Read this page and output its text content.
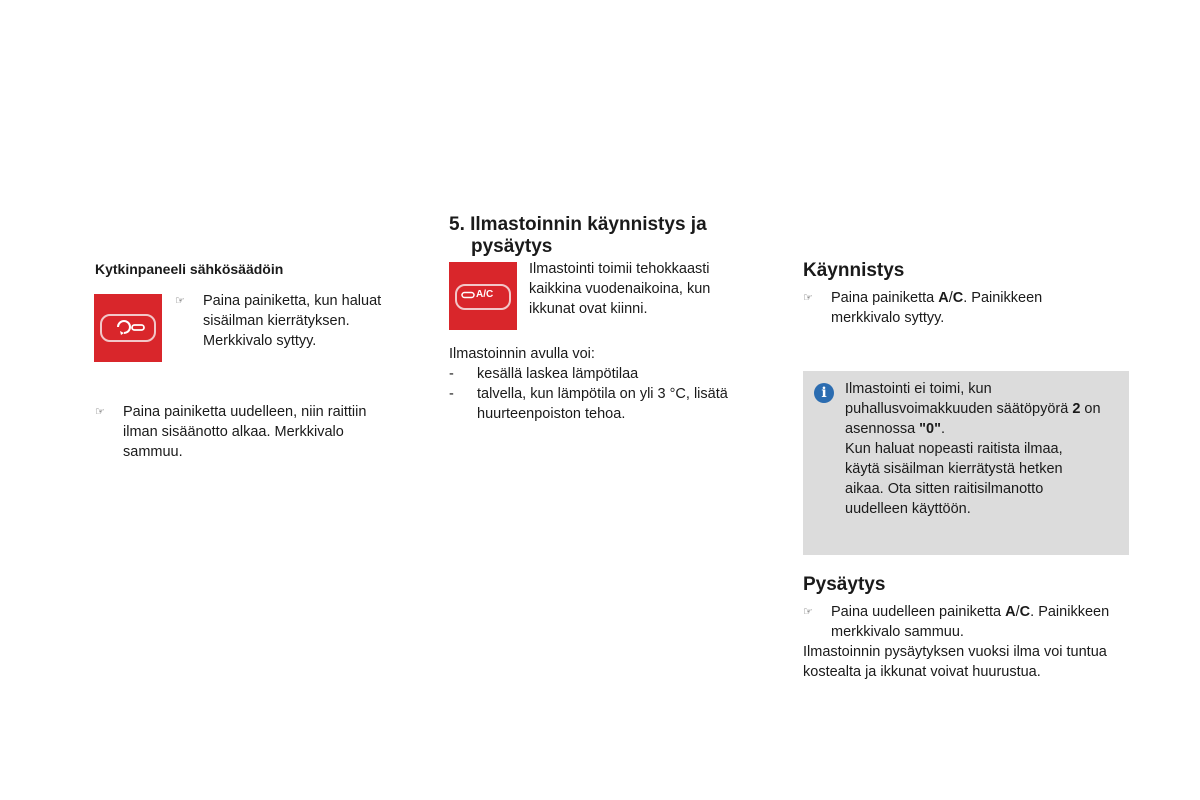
Kytkinpaneeli sähkösäädöin
☞	Paina painiketta, kun haluat
sisäilman kierrätyksen.
Merkkivalo syttyy.
☞	Paina painiketta uudelleen, niin raittiin
ilman sisäänotto alkaa. Merkkivalo
sammuu.
5. Ilmastoinnin käynnistys ja
pysäytys
A/C
Ilmastointi toimii tehokkaasti
kaikkina vuodenaikoina, kun
ikkunat ovat kiinni.
Ilmastoinnin avulla voi:
-	kesällä laskea lämpötilaa
-	talvella, kun lämpötila on yli 3 °C, lisätä
huurteenpoiston tehoa.
Käynnistys
☞	Paina painiketta A/C. Painikkeen
merkkivalo syttyy.
i	Ilmastointi ei toimi, kun
puhallusvoimakkuuden säätöpyörä 2 on
asennossa "0".
Kun haluat nopeasti raitista ilmaa,
käytä sisäilman kierrätystä hetken
aikaa. Ota sitten raitisilmanotto
uudelleen käyttöön.
Pysäytys
☞	Paina uudelleen painiketta A/C. Painikkeen
merkkivalo sammuu.
Ilmastoinnin pysäytyksen vuoksi ilma voi tuntua
kostealta ja ikkunat voivat huurustua.
